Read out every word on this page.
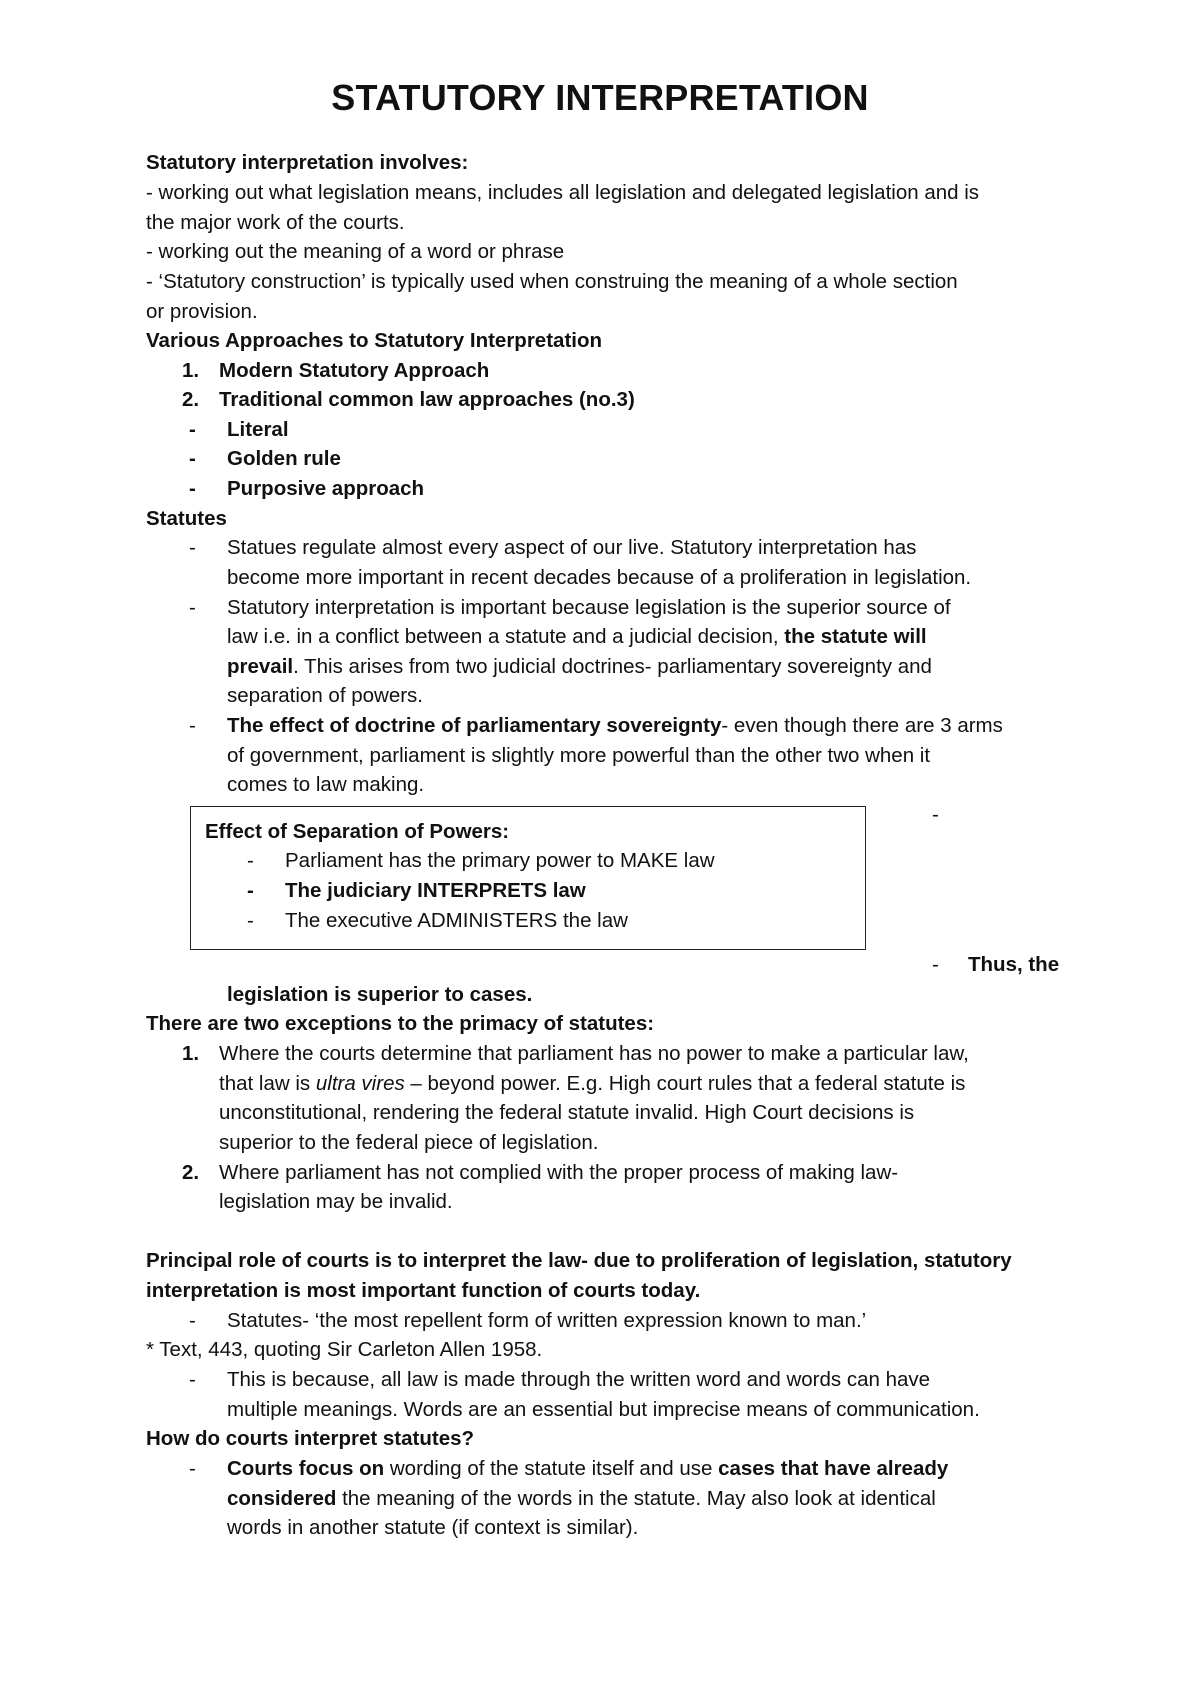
STATUTORY INTERPRETATION
Statutory interpretation involves:
- working out what legislation means, includes all legislation and delegated legislation and is
the major work of the courts.
- working out the meaning of a word or phrase
- ‘Statutory construction’ is typically used when construing the meaning of a whole section
or provision.
Various Approaches to Statutory Interpretation
1. Modern Statutory Approach
2. Traditional common law approaches (no.3)
- Literal
- Golden rule
- Purposive approach
Statutes
- Statues regulate almost every aspect of our live. Statutory interpretation has
become more important in recent decades because of a proliferation in legislation.
- Statutory interpretation is important because legislation is the superior source of
law i.e. in a conflict between a statute and a judicial decision, the statute will
prevail. This arises from two judicial doctrines- parliamentary sovereignty and
separation of powers.
- The effect of doctrine of parliamentary sovereignty- even though there are 3 arms
of government, parliament is slightly more powerful than the other two when it
comes to law making.
Effect of Separation of Powers:
- Parliament has the primary power to MAKE law
- The judiciary INTERPRETS law
- The executive ADMINISTERS the law
-
- Thus, the
legislation is superior to cases.
There are two exceptions to the primacy of statutes:
1. Where the courts determine that parliament has no power to make a particular law,
that law is ultra vires – beyond power. E.g. High court rules that a federal statute is
unconstitutional, rendering the federal statute invalid. High Court decisions is
superior to the federal piece of legislation.
2. Where parliament has not complied with the proper process of making law-
legislation may be invalid.
Principal role of courts is to interpret the law- due to proliferation of legislation, statutory
interpretation is most important function of courts today.
- Statutes- ‘the most repellent form of written expression known to man.’
* Text, 443, quoting Sir Carleton Allen 1958.
- This is because, all law is made through the written word and words can have
multiple meanings. Words are an essential but imprecise means of communication.
How do courts interpret statutes?
- Courts focus on wording of the statute itself and use cases that have already
considered the meaning of the words in the statute. May also look at identical
words in another statute (if context is similar).
